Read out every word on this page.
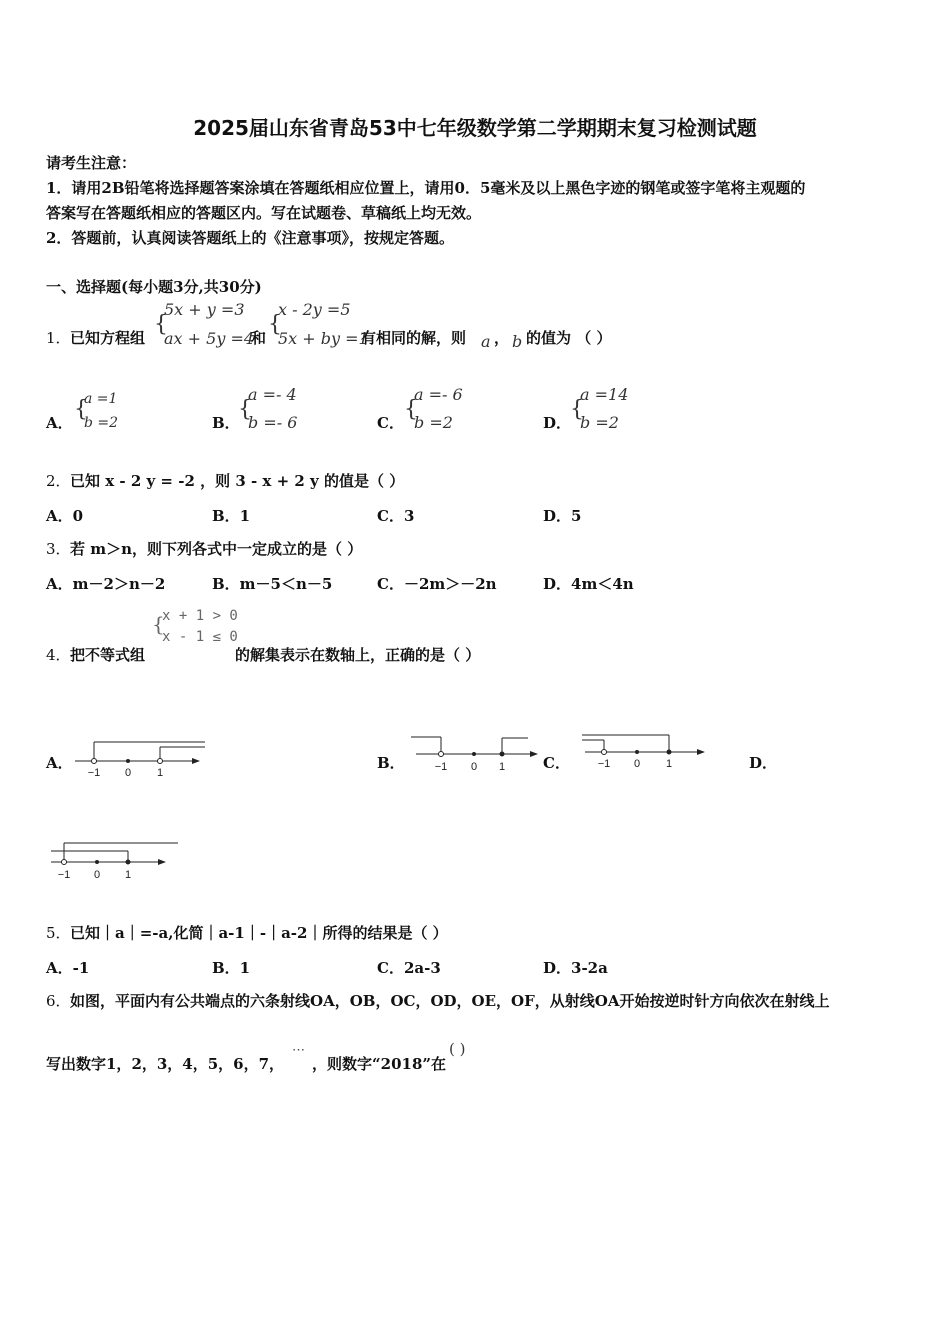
2025届山东省青岛53中七年级数学第二学期期末复习检测试题
请考生注意：
1．请用2B铅笔将选择题答案涂填在答题纸相应位置上，请用0．5毫米及以上黑色字迹的钢笔或签字笔将主观题的
答案写在答题纸相应的答题区内。写在试题卷、草稿纸上均无效。
2．答题前，认真阅读答题纸上的《注意事项》，按规定答题。
一、选择题(每小题3分,共30分)
1． 已知方程组
{
5x + y =3
ax + 5y =4
和
{
x - 2y =5
5x + by =1
有相同的解，则 a ， b 的值为 （ ）
A．
{
a =1
b =2	B．
{
a =- 4
b =- 6	C．
{
a =- 6
b =2	D．
{
a =14
b =2
2． 已知 x - 2 y = -2 ，则 3 - x + 2 y 的值是（ ）
A．0	B．1	C．3	D．5
3． 若 m＞n，则下列各式中一定成立的是（ ）
A．m－2＞n－2	B．m－5＜n－5	C．－2m＞－2n	D．4m＜4n
4． 把不等式组
{
x + 1 > 0
x - 1 ≤ 0
的解集表示在数轴上，正确的是（ ）
A．
−1 0 1
B．	−1 0 1	C．	−1 0 1	D．
−1 0 1
5． 已知｜a｜=-a,化简｜a-1｜-｜a-2｜所得的结果是（ ）
A．-1	B．1	C．2a-3	D．3-2a
6． 如图，平面内有公共端点的六条射线OA，OB，OC，OD，OE，OF，从射线OA开始按逆时针方向依次在射线上
写出数字1，2，3，4，5，6，7，
⋯
，则数字“2018”在
( )
